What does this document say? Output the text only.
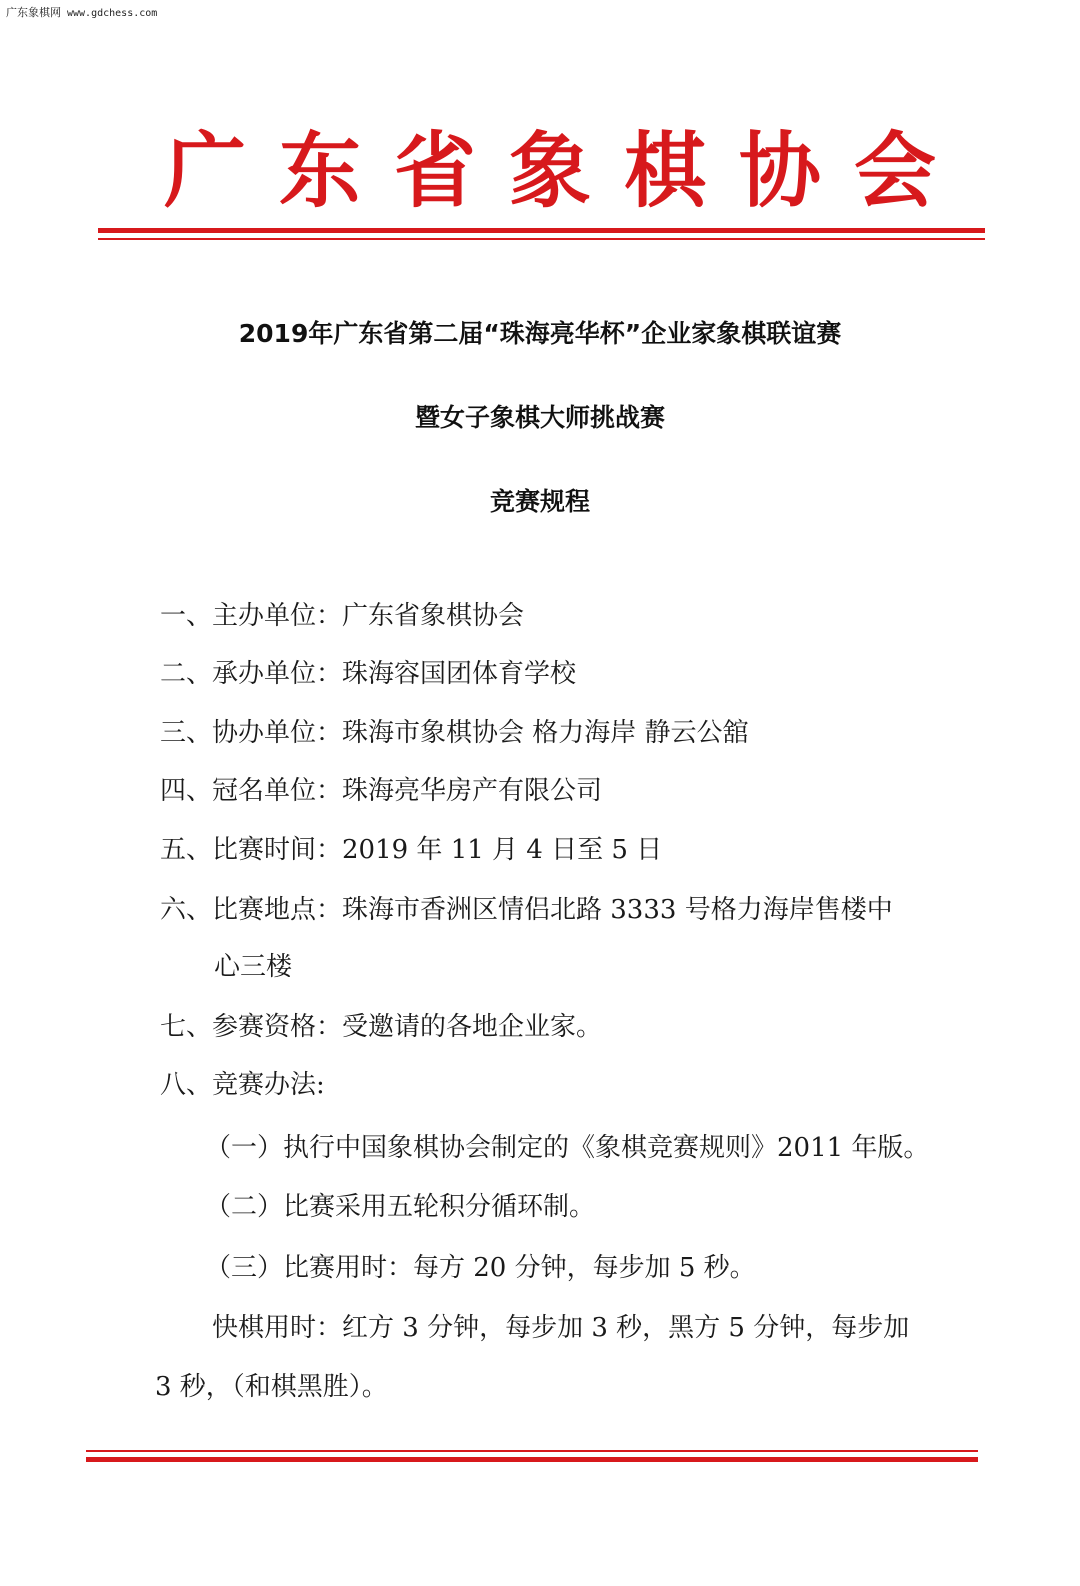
广东象棋网 www.gdchess.com
广 东 省 象 棋 协 会
2019年广东省第二届“珠海亮华杯”企业家象棋联谊赛
暨女子象棋大师挑战赛
竞赛规程
一、主办单位：广东省象棋协会
二、承办单位：珠海容国团体育学校
三、协办单位：珠海市象棋协会 格力海岸 静云公舘
四、冠名单位：珠海亮华房产有限公司
五、比赛时间：2019 年 11 月 4 日至 5 日
六、比赛地点：珠海市香洲区情侣北路 3333 号格力海岸售楼中
心三楼
七、参赛资格：受邀请的各地企业家。
八、竞赛办法:
（一）执行中国象棋协会制定的《象棋竞赛规则》2011 年版。
（二）比赛采用五轮积分循环制。
（三）比赛用时：每方 20 分钟，每步加 5 秒。
快棋用时：红方 3 分钟，每步加 3 秒，黑方 5 分钟，每步加
3 秒，（和棋黑胜）。
